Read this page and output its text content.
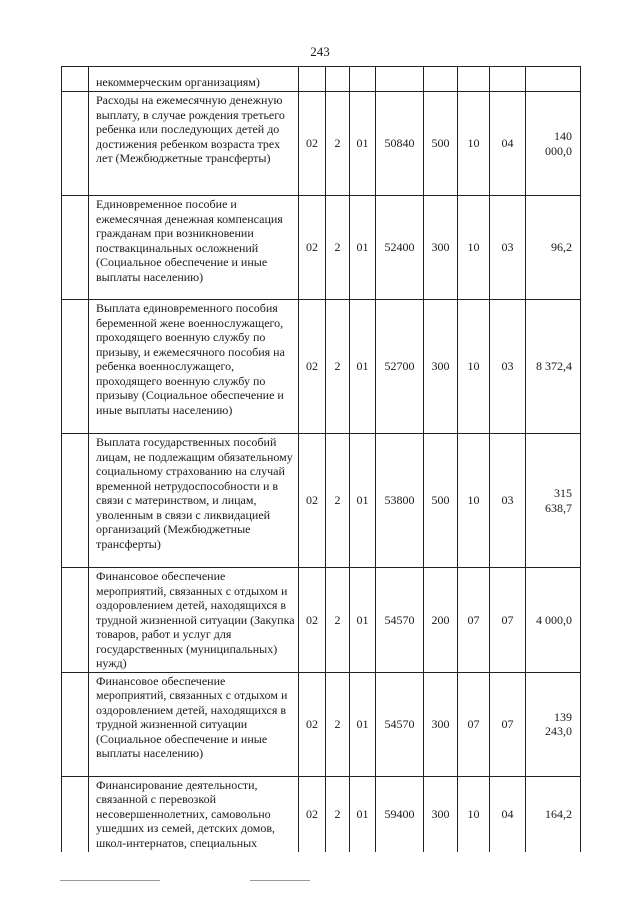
243
	некоммерческим организациям)								
	Расходы на ежемесячную денежную выплату, в случае рождения третьего ребенка или последующих детей до достижения ребенком возраста трех лет (Межбюджетные трансферты)	02	2	01	50840	500	10	04	140 000,0
	Единовременное пособие и ежемесячная денежная компенсация гражданам при возникновении поствакцинальных осложнений (Социальное обеспечение и иные выплаты населению)	02	2	01	52400	300	10	03	96,2
	Выплата единовременного пособия беременной жене военнослужащего, проходящего военную службу по призыву, и ежемесячного пособия на ребенка военнослужащего, проходящего военную службу по призыву (Социальное обеспечение и иные выплаты населению)	02	2	01	52700	300	10	03	8 372,4
	Выплата государственных пособий лицам, не подлежащим обязательному социальному страхованию на случай временной нетрудоспособности и в связи с материнством, и лицам, уволенным в связи с ликвидацией организаций (Межбюджетные трансферты)	02	2	01	53800	500	10	03	315 638,7
	Финансовое обеспечение мероприятий, связанных с отдыхом и оздоровлением детей, находящихся в трудной жизненной ситуации (Закупка товаров, работ и услуг для государственных (муниципальных) нужд)	02	2	01	54570	200	07	07	4 000,0
	Финансовое обеспечение мероприятий, связанных с отдыхом и оздоровлением детей, находящихся в трудной жизненной ситуации (Социальное обеспечение и иные выплаты населению)	02	2	01	54570	300	07	07	139 243,0
	Финансирование деятельности, связанной с перевозкой несовершеннолетних, самовольно ушедших из семей, детских домов, школ-интернатов, специальных	02	2	01	59400	300	10	04	164,2
